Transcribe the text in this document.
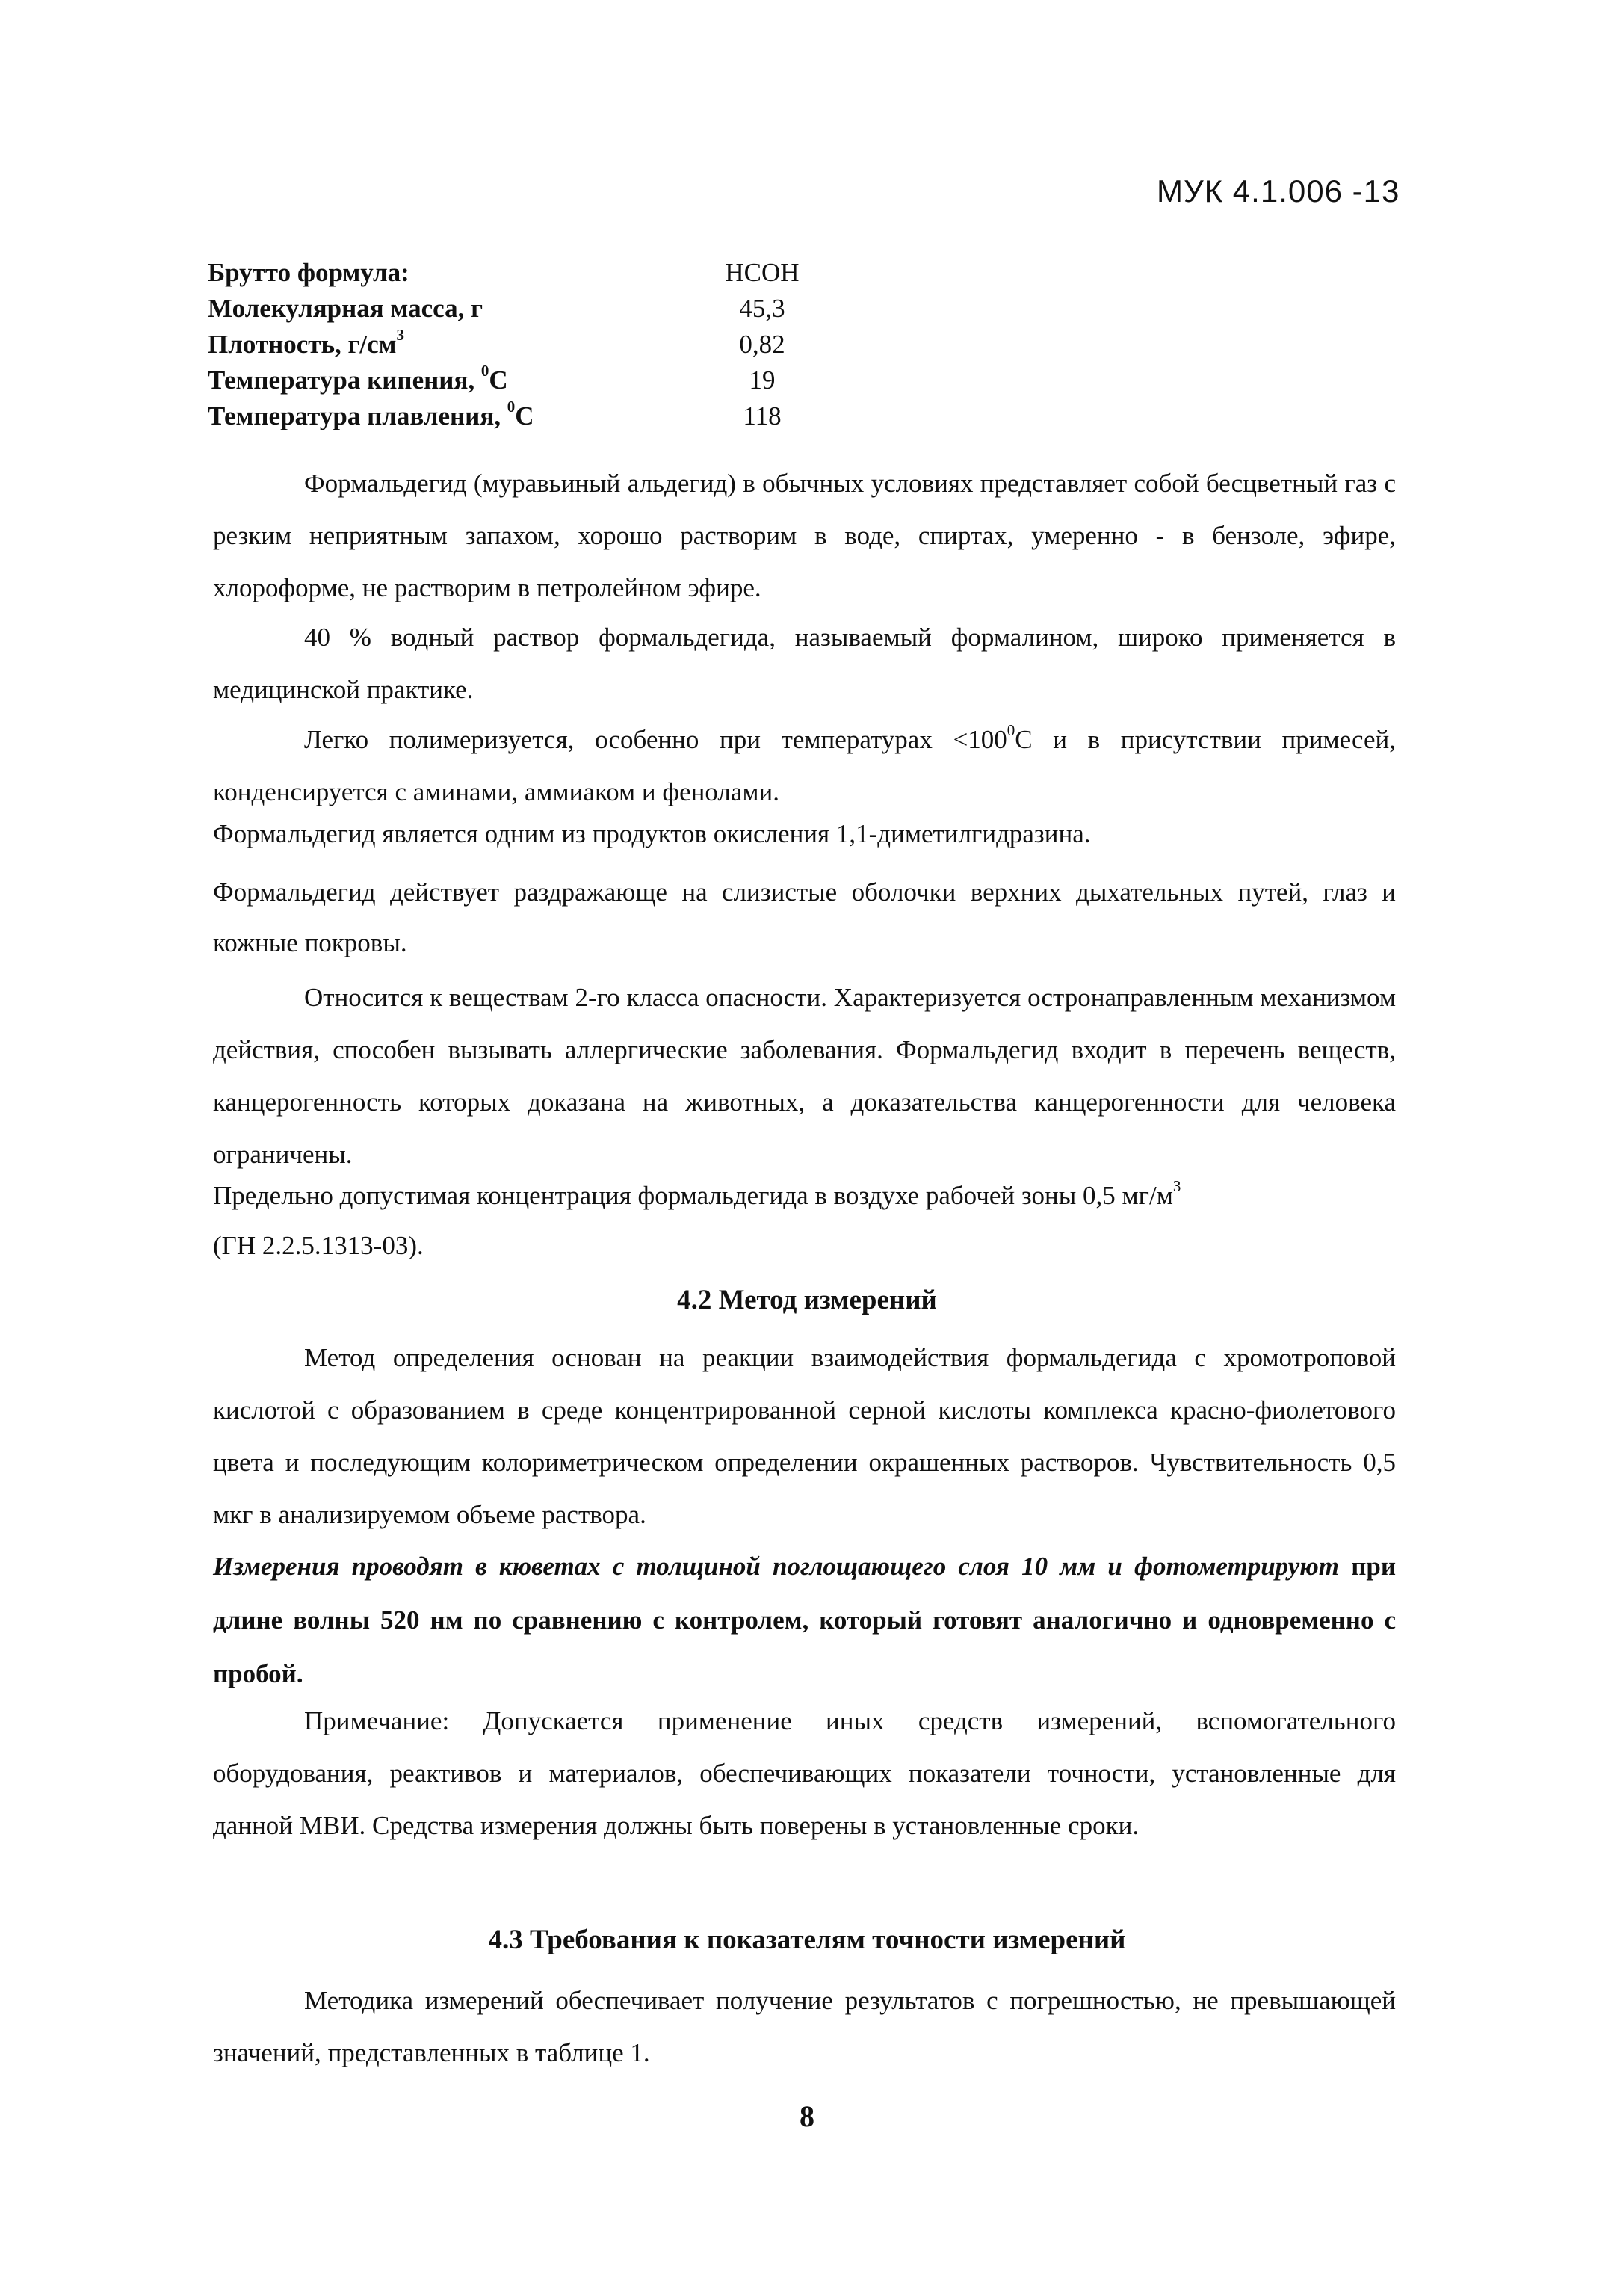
МУК 4.1.006 -13
Брутто формула:	HCOH
Молекулярная масса, г	45,3
Плотность, $г/см^3$	0,82
Температура кипения, $^0$С	19
Температура плавления, $^0$С	118
Формальдегид (муравьиный альдегид) в обычных условиях представляет собой бесцветный газ с резким неприятным запахом, хорошо растворим в воде, спиртах, умеренно - в бензоле, эфире, хлороформе, не растворим в петролейном эфире.
40 % водный раствор формальдегида, называемый формалином, широко применяется в медицинской практике.
Легко полимеризуется, особенно при температурах $<100^0С$ и в присутствии примесей, конденсируется с аминами, аммиаком и фенолами.
Формальдегид является одним из продуктов окисления 1,1-диметилгидразина.
Формальдегид действует раздражающе на слизистые оболочки верхних дыхательных путей, глаз и кожные покровы.
Относится к веществам 2-го класса опасности. Характеризуется остронаправленным механизмом действия, способен вызывать аллергические заболевания. Формальдегид входит в перечень веществ, канцерогенность которых доказана на животных, а доказательства канцерогенности для человека ограничены.
Предельно допустимая концентрация формальдегида в воздухе рабочей зоны 0,5 $мг/м^3$
(ГН 2.2.5.1313-03).
4.2 Метод измерений
Метод определения основан на реакции взаимодействия формальдегида с хромотроповой кислотой с образованием в среде концентрированной серной кислоты комплекса красно-фиолетового цвета и последующим колориметрическом определении окрашенных растворов. Чувствительность 0,5 мкг в анализируемом объеме раствора.
Измерения проводят в кюветах с толщиной поглощающего слоя 10 мм и фотометрируют при длине волны 520 нм по сравнению с контролем, который готовят аналогично и одновременно с пробой.
Примечание: Допускается применение иных средств измерений, вспомогательного оборудования, реактивов и материалов, обеспечивающих показатели точности, установленные для данной МВИ. Средства измерения должны быть поверены в установленные сроки.
4.3 Требования к показателям точности измерений
Методика измерений обеспечивает получение результатов с погрешностью, не превышающей значений, представленных в таблице 1.
8
